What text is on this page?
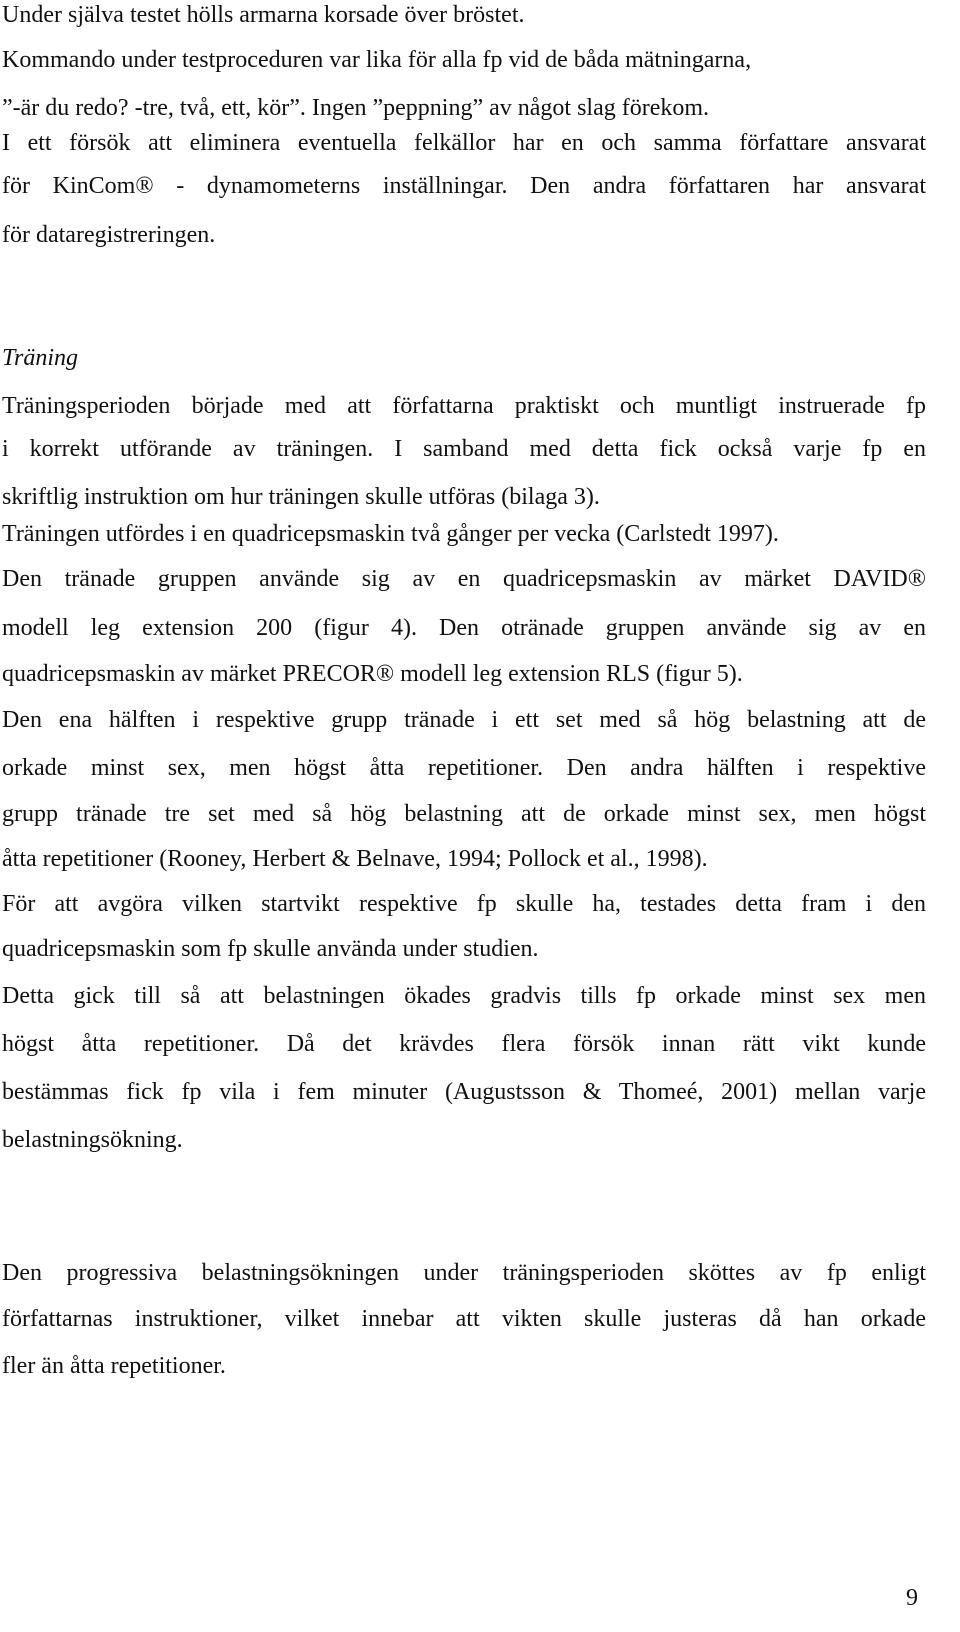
Under själva testet hölls armarna korsade över bröstet.
Kommando under testproceduren var lika för alla fp vid de båda mätningarna,
”-är du redo? -tre, två, ett, kör”. Ingen ”peppning” av något slag förekom.
I ett försök att eliminera eventuella felkällor har en och samma författare ansvarat
för KinCom® - dynamometerns inställningar. Den andra författaren har ansvarat
för dataregistreringen.
Träning
Träningsperioden började med att författarna praktiskt och muntligt instruerade fp
i korrekt utförande av träningen. I samband med detta fick också varje fp en
skriftlig instruktion om hur träningen skulle utföras (bilaga 3).
Träningen utfördes i en quadricepsmaskin två gånger per vecka (Carlstedt 1997).
Den tränade gruppen använde sig av en quadricepsmaskin av märket DAVID®
modell leg extension 200 (figur 4). Den otränade gruppen använde sig av en
quadricepsmaskin av märket PRECOR® modell leg extension RLS (figur 5).
Den ena hälften i respektive grupp tränade i ett set med så hög belastning att de
orkade minst sex, men högst åtta repetitioner. Den andra hälften i respektive
grupp tränade tre set med så hög belastning att de orkade minst sex, men högst
åtta repetitioner (Rooney, Herbert & Belnave, 1994; Pollock et al., 1998).
För att avgöra vilken startvikt respektive fp skulle ha, testades detta fram i den
quadricepsmaskin som fp skulle använda under studien.
Detta gick till så att belastningen ökades gradvis tills fp orkade minst sex men
högst åtta repetitioner. Då det krävdes flera försök innan rätt vikt kunde
bestämmas fick fp vila i fem minuter (Augustsson & Thomeé, 2001) mellan varje
belastningsökning.
Den progressiva belastningsökningen under träningsperioden sköttes av fp enligt
författarnas instruktioner, vilket innebar att vikten skulle justeras då han orkade
fler än åtta repetitioner.
9
